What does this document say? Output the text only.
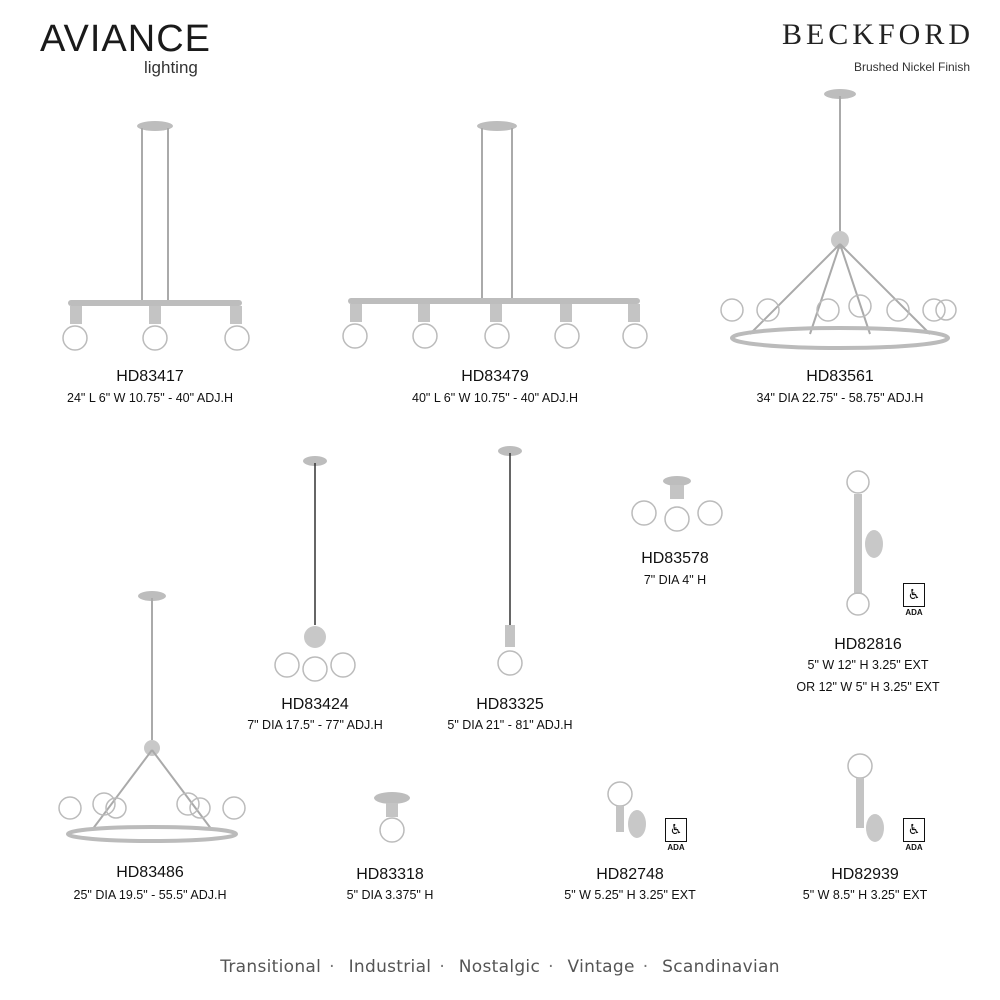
AVIANCE
lighting
BECKFORD
Brushed Nickel Finish
HD83417
24" L 6" W 10.75" - 40" ADJ.H
HD83479
40" L 6" W 10.75" - 40" ADJ.H
HD83561
34" DIA 22.75" - 58.75" ADJ.H
HD83424
7" DIA 17.5" - 77" ADJ.H
HD83325
5" DIA 21" - 81" ADJ.H
HD83578
7" DIA 4" H
♿
ADA
HD82816
5" W 12" H 3.25" EXT
OR 12" W 5" H 3.25" EXT
HD83486
25" DIA 19.5" - 55.5" ADJ.H
HD83318
5" DIA 3.375" H
♿
ADA
HD82748
5" W 5.25" H 3.25" EXT
♿
ADA
HD82939
5" W 8.5" H 3.25" EXT
Transitional · Industrial · Nostalgic · Vintage · Scandinavian
